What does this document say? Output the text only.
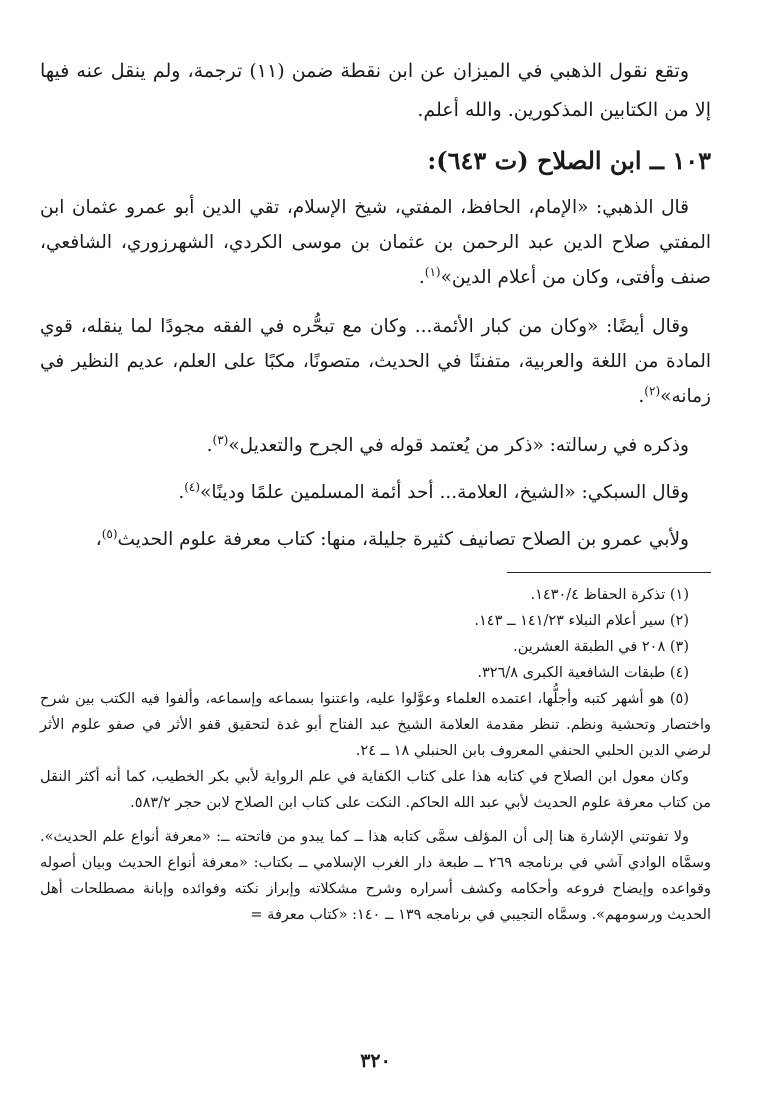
وتقع نقول الذهبي في الميزان عن ابن نقطة ضمن (١١) ترجمة، ولم ينقل عنه فيها إلا من الكتابين المذكورين. والله أعلم.

١٠٣ ــ ابن الصلاح (ت ٦٤٣):

قال الذهبي: «الإمام، الحافظ، المفتي، شيخ الإسلام، تقي الدين أبو عمرو عثمان ابن المفتي صلاح الدين عبد الرحمن بن عثمان بن موسى الكردي، الشهرزوري، الشافعي، صنف وأفتى، وكان من أعلام الدين»$^{(١)}$.

وقال أيضًا: «وكان من كبار الأئمة... وكان مع تبحُّره في الفقه مجودًا لما ينقله، قوي المادة من اللغة والعربية، متفننًا في الحديث، متصونًا، مكبًا على العلم، عديم النظير في زمانه»$^{(٢)}$.

وذكره في رسالته: «ذكر من يُعتمد قوله في الجرح والتعديل»$^{(٣)}$.

وقال السبكي: «الشيخ، العلامة... أحد أئمة المسلمين علمًا ودينًا»$^{(٤)}$.

ولأبي عمرو بن الصلاح تصانيف كثيرة جليلة، منها: كتاب معرفة علوم الحديث$^{(٥)}$،

(١) تذكرة الحفاظ ١٤٣٠/٤.

(٢) سير أعلام النبلاء ١٤١/٢٣ ــ ١٤٣.

(٣) ٢٠٨ في الطبقة العشرين.

(٤) طبقات الشافعية الكبرى ٣٢٦/٨.

(٥) هو أشهر كتبه وأجلُّها، اعتمده العلماء وعوَّلوا عليه، واعتنوا بسماعه وإسماعه، وألفوا فيه الكتب بين شرح واختصار وتحشية ونظم. تنظر مقدمة العلامة الشيخ عبد الفتاح أبو غدة لتحقيق قفو الأثر في صفو علوم الأثر لرضي الدين الحلبي الحنفي المعروف بابن الحنبلي ١٨ ــ ٢٤.

وكان معول ابن الصلاح في كتابه هذا على كتاب الكفاية في علم الرواية لأبي بكر الخطيب، كما أنه أكثر النقل من كتاب معرفة علوم الحديث لأبي عبد الله الحاكم. النكت على كتاب ابن الصلاح لابن حجر ٥٨٣/٢.

ولا تفوتني الإشارة هنا إلى أن المؤلف سمَّى كتابه هذا ــ كما يبدو من فاتحته ــ: «معرفة أنواع علم الحديث». وسمَّاه الوادي آشي في برنامجه ٢٦٩ ــ طبعة دار الغرب الإسلامي ــ بكتاب: «معرفة أنواع الحديث وبيان أصوله وقواعده وإيضاح فروعه وأحكامه وكشف أسراره وشرح مشكلاته وإبراز نكته وفوائده وإبانة مصطلحات أهل الحديث ورسومهم». وسمَّاه التجيبي في برنامجه ١٣٩ ــ ١٤٠: «كتاب معرفة =

٣٢٠
